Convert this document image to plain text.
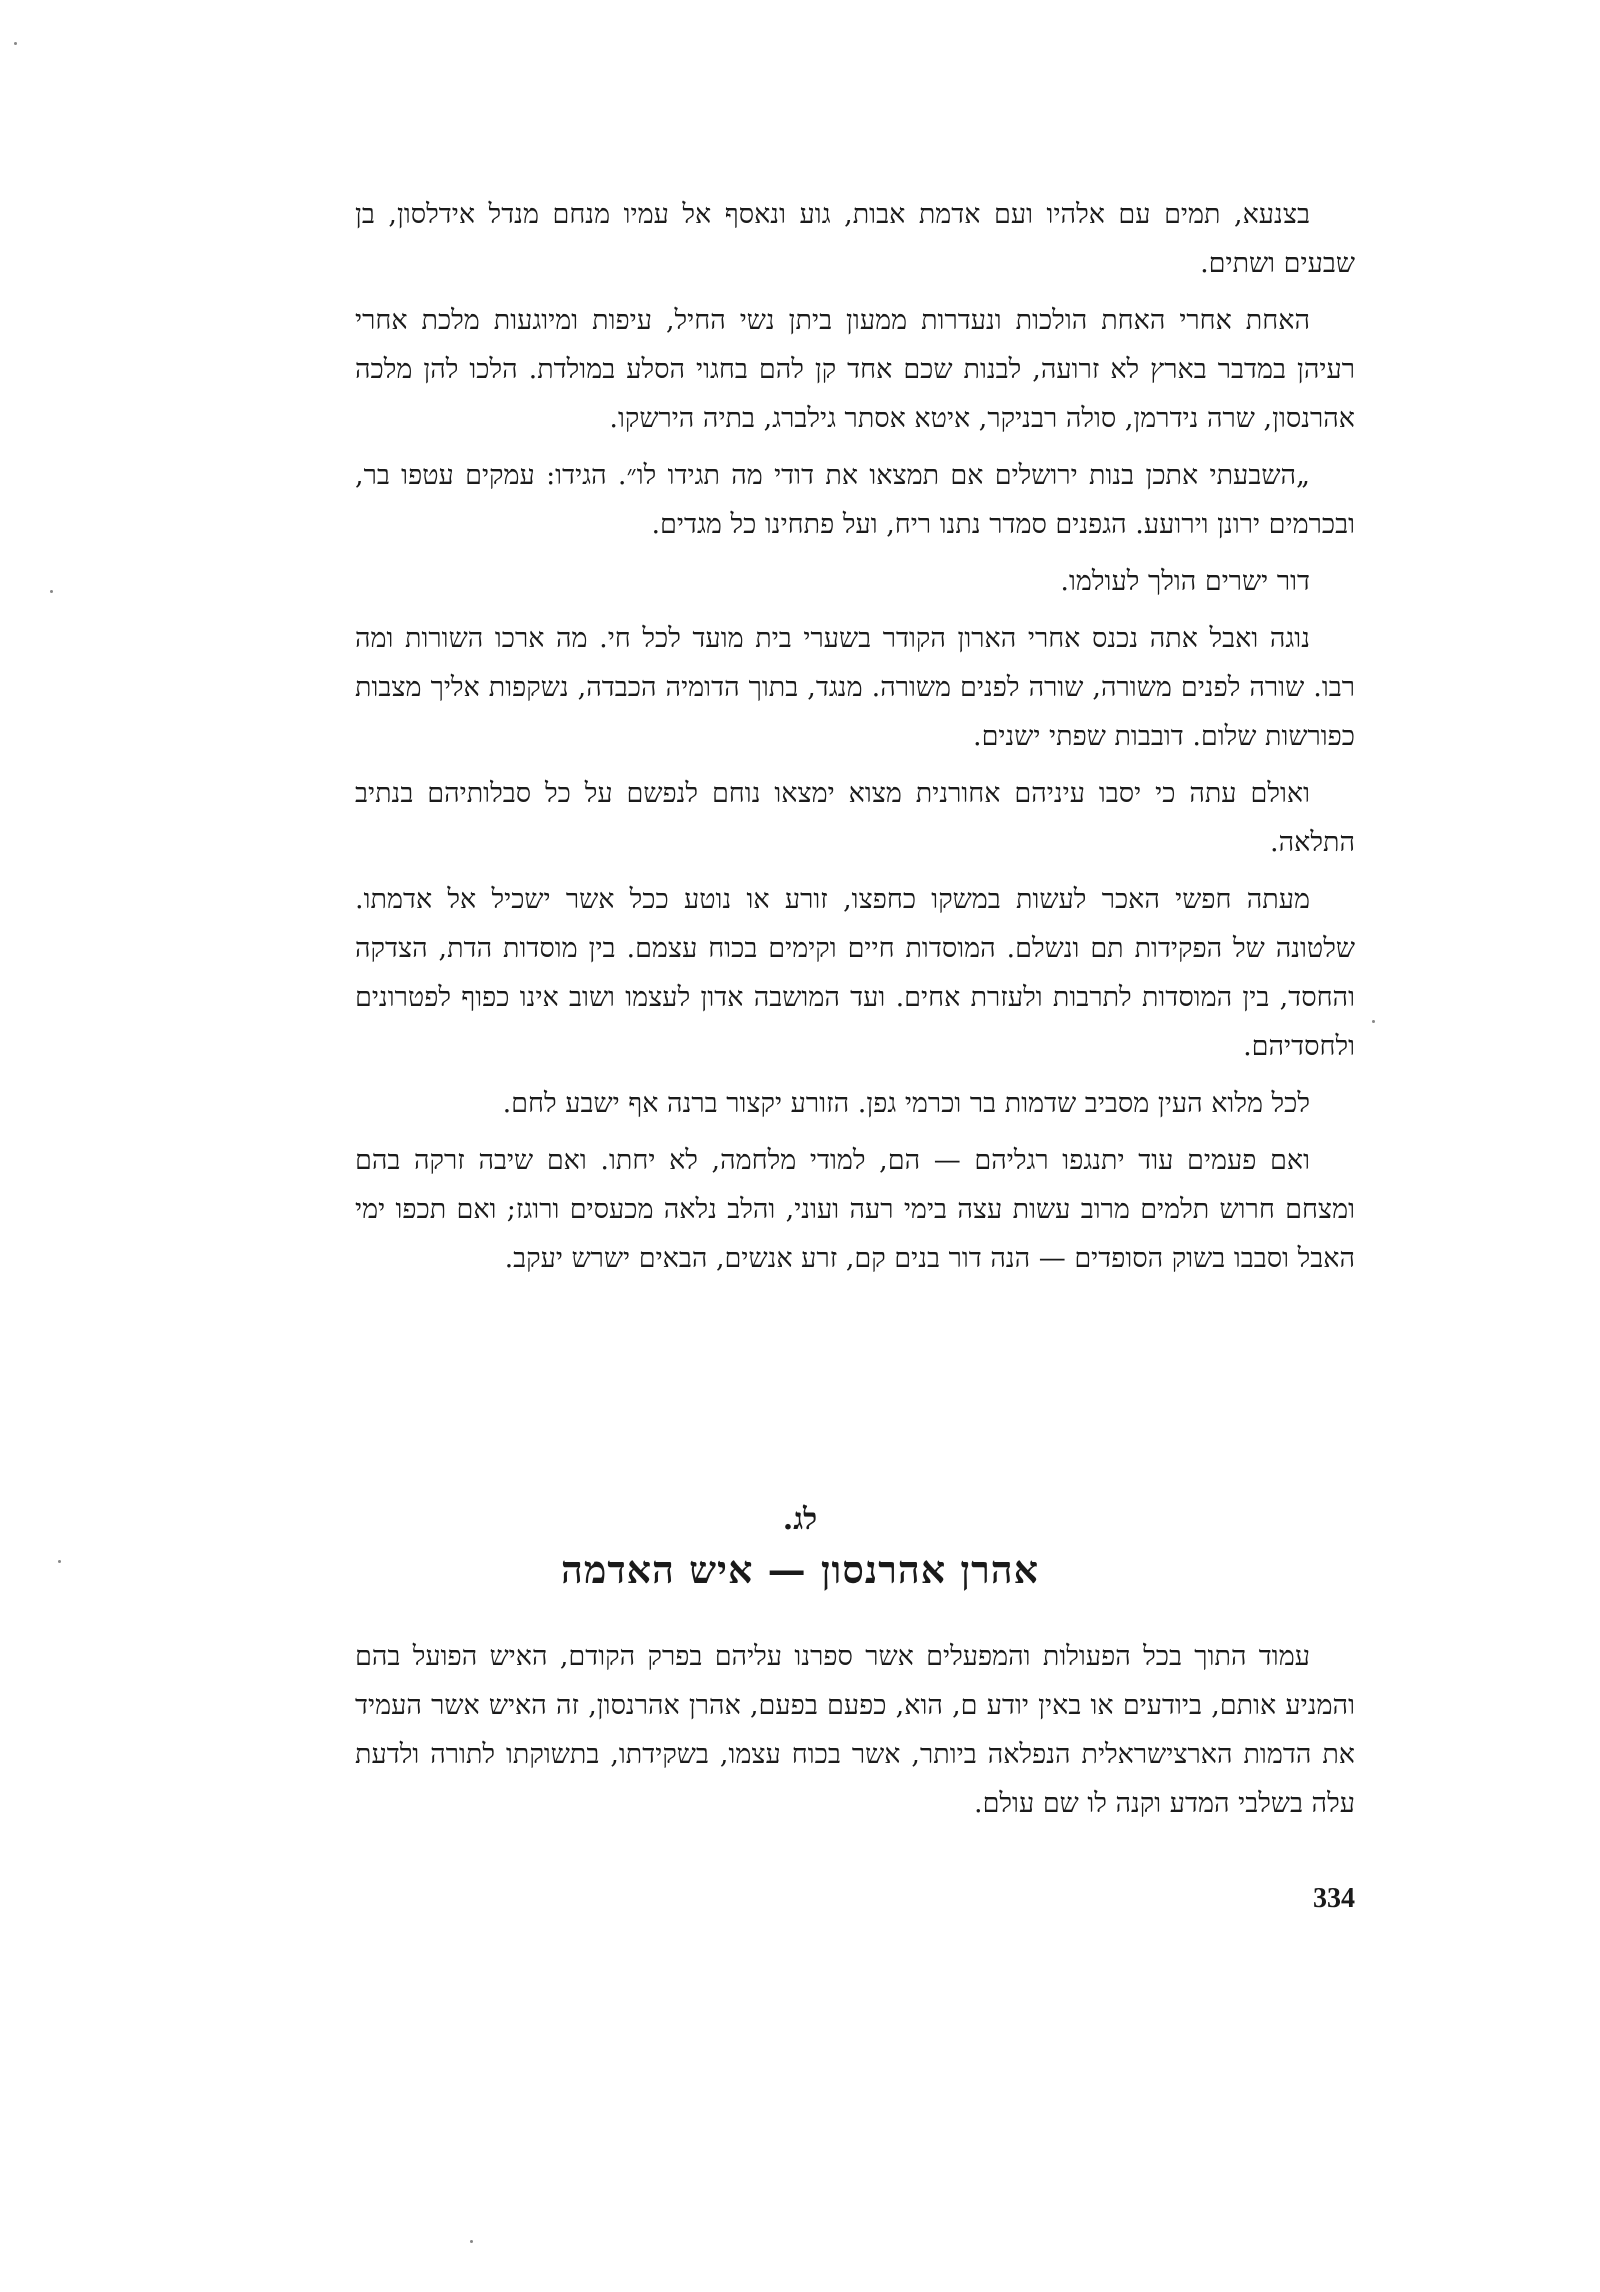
בצנעא, תמים עם אלהיו ועם אדמת אבות, גוע ונאסף אל עמיו מנחם מנדל אידלסון, בן שבעים ושתים.

האחת אחרי האחת הולכות ונעדרות ממעון ביתן נשי החיל, עיפות ומיוגעות מלכת אחרי רעיהן במדבר בארץ לא זרועה, לבנות שכם אחד קן להם בחגוי הסלע במולדת. הלכו להן מלכה אהרנסון, שרה נידרמן, סולה רבניקר, איטא אסתר גילברג, בתיה הירשקו.

„השבעתי אתכן בנות ירושלים אם תמצאו את דודי מה תגידו לו״. הגידו: עמקים עטפו בר, ובכרמים ירונן וירועע. הגפנים סמדר נתנו ריח, ועל פתחינו כל מגדים.

דור ישרים הולך לעולמו.

נוגה ואבל אתה נכנס אחרי הארון הקודר בשערי בית מועד לכל חי. מה ארכו השורות ומה רבו. שורה לפנים משורה, שורה לפנים משורה. מנגד, בתוך הדומיה הכבדה, נשקפות אליך מצבות כפורשות שלום. דובבות שפתי ישנים.

ואולם עתה כי יסבו עיניהם אחורנית מצוא ימצאו נוחם לנפשם על כל סבלותיהם בנתיב התלאה.

מעתה חפשי האכר לעשות במשקו כחפצו, זורע או נוטע ככל אשר ישכיל אל אדמתו. שלטונה של הפקידות תם ונשלם. המוסדות חיים וקימים בכוח עצמם. בין מוסדות הדת, הצדקה והחסד, בין המוסדות לתרבות ולעזרת אחים. ועד המושבה אדון לעצמו ושוב אינו כפוף לפטרונים ולחסדיהם.

לכל מלוא העין מסביב שדמות בר וכרמי גפן. הזורע יקצור ברנה אף ישבע לחם.

ואם פעמים עוד יתנגפו רגליהם — הם, למודי מלחמה, לא יחתו. ואם שיבה זרקה בהם ומצחם חרוש תלמים מרוב עשות עצה בימי רעה ועוני, והלב נלאה מכעסים ורוגז; ואם תכפו ימי האבל וסבבו בשוק הסופדים — הנה דור בנים קם, זרע אנשים, הבאים ישרש יעקב.

לג.
אהרן אהרנסון — איש האדמה

עמוד התוך בכל הפעולות והמפעלים אשר ספרנו עליהם בפרק הקודם, האיש הפועל בהם והמניע אותם, ביודעים או באין יודע ם, הוא, כפעם בפעם, אהרן אהרנסון, זה האיש אשר העמיד את הדמות הארצישראלית הנפלאה ביותר, אשר בכוח עצמו, בשקידתו, בתשוקתו לתורה ולדעת עלה בשלבי המדע וקנה לו שם עולם.

334
